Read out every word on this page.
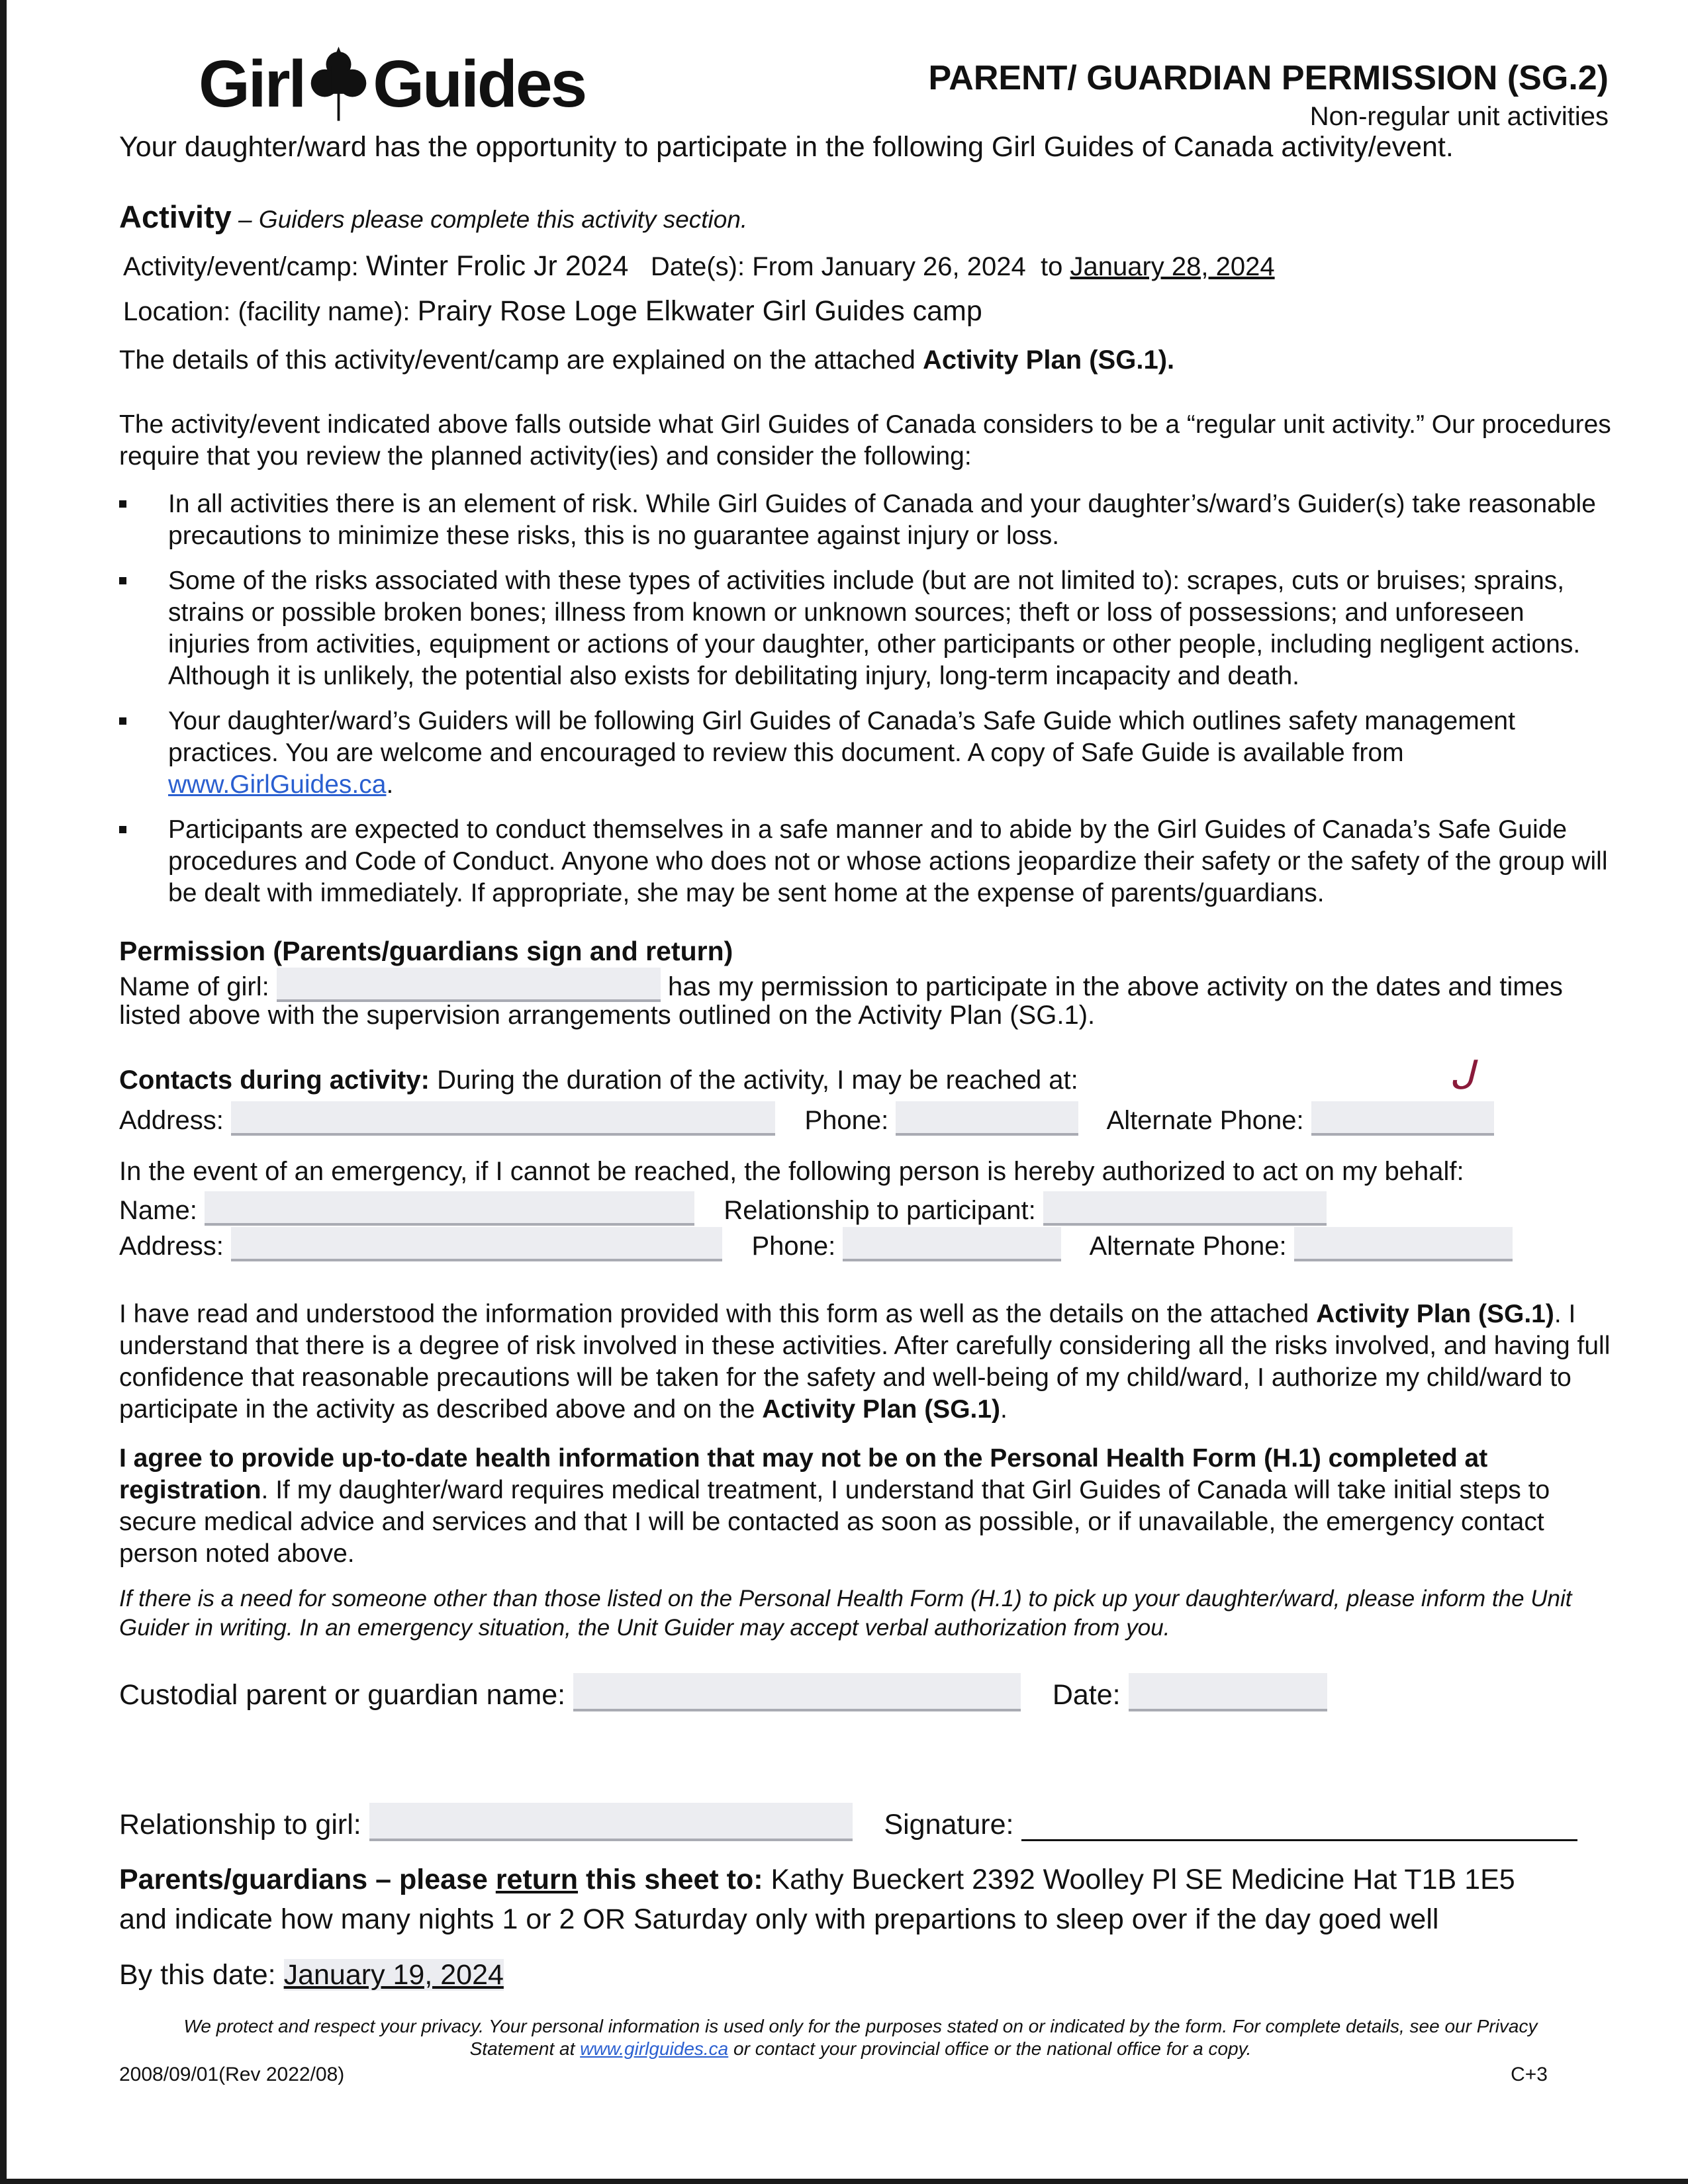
Girl Guides	PARENT/ GUARDIAN PERMISSION (SG.2)
Non-regular unit activities
Your daughter/ward has the opportunity to participate in the following Girl Guides of Canada activity/event.
Activity – Guiders please complete this activity section.
Activity/event/camp: Winter Frolic Jr 2024 Date(s): From January 26, 2024 to January 28, 2024
Location: (facility name): Prairy Rose Loge Elkwater Girl Guides camp
The details of this activity/event/camp are explained on the attached Activity Plan (SG.1).
The activity/event indicated above falls outside what Girl Guides of Canada considers to be a “regular unit activity.” Our procedures require that you review the planned activity(ies) and consider the following:
In all activities there is an element of risk. While Girl Guides of Canada and your daughter’s/ward’s Guider(s) take reasonable precautions to minimize these risks, this is no guarantee against injury or loss.
Some of the risks associated with these types of activities include (but are not limited to): scrapes, cuts or bruises; sprains, strains or possible broken bones; illness from known or unknown sources; theft or loss of possessions; and unforeseen injuries from activities, equipment or actions of your daughter, other participants or other people, including negligent actions. Although it is unlikely, the potential also exists for debilitating injury, long-term incapacity and death.
Your daughter/ward’s Guiders will be following Girl Guides of Canada’s Safe Guide which outlines safety management practices. You are welcome and encouraged to review this document. A copy of Safe Guide is available from www.GirlGuides.ca.
Participants are expected to conduct themselves in a safe manner and to abide by the Girl Guides of Canada’s Safe Guide procedures and Code of Conduct. Anyone who does not or whose actions jeopardize their safety or the safety of the group will be dealt with immediately. If appropriate, she may be sent home at the expense of parents/guardians.
Permission (Parents/guardians sign and return)
Name of girl:	has my permission to participate in the above activity on the dates and times
listed above with the supervision arrangements outlined on the Activity Plan (SG.1).
Contacts during activity: During the duration of the activity, I may be reached at:
Address:	Phone:	Alternate Phone:
In the event of an emergency, if I cannot be reached, the following person is hereby authorized to act on my behalf:
Name:	Relationship to participant:
Address:	Phone:	Alternate Phone:
I have read and understood the information provided with this form as well as the details on the attached Activity Plan (SG.1). I understand that there is a degree of risk involved in these activities. After carefully considering all the risks involved, and having full confidence that reasonable precautions will be taken for the safety and well-being of my child/ward, I authorize my child/ward to participate in the activity as described above and on the Activity Plan (SG.1).
I agree to provide up-to-date health information that may not be on the Personal Health Form (H.1) completed at registration. If my daughter/ward requires medical treatment, I understand that Girl Guides of Canada will take initial steps to secure medical advice and services and that I will be contacted as soon as possible, or if unavailable, the emergency contact person noted above.
If there is a need for someone other than those listed on the Personal Health Form (H.1) to pick up your daughter/ward, please inform the Unit Guider in writing. In an emergency situation, the Unit Guider may accept verbal authorization from you.
Custodial parent or guardian name:	Date:
Relationship to girl:	Signature:
Parents/guardians – please return this sheet to: Kathy Bueckert 2392 Woolley Pl SE Medicine Hat T1B 1E5
and indicate how many nights 1 or 2 OR Saturday only with prepartions to sleep over if the day goed well
By this date: January 19, 2024
We protect and respect your privacy. Your personal information is used only for the purposes stated on or indicated by the form. For complete details, see our Privacy
Statement at www.girlguides.ca or contact your provincial office or the national office for a copy.
2008/09/01(Rev 2022/08)	C+3
ᒍ
